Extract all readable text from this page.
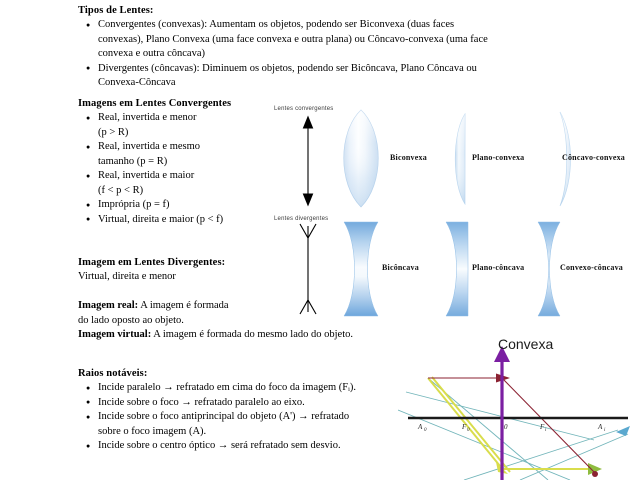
Tipos de Lentes:
● Convergentes (convexas): Aumentam os objetos, podendo ser Biconvexa (duas faces
convexas), Plano Convexa (uma face convexa e outra plana) ou Côncavo-convexa (uma face
convexa e outra côncava)
● Divergentes (côncavas): Diminuem os objetos, podendo ser Bicôncava, Plano Côncava ou
Convexa-Côncava
Imagens em Lentes Convergentes
● Real, invertida e menor
(p > R)
● Real, invertida e mesmo
tamanho (p = R)
● Real, invertida e maior
(f < p < R)
● Imprópria (p = f)
● Virtual, direita e maior (p < f)
Imagem em Lentes Divergentes:
Virtual, direita e menor
Imagem real: A imagem é formada
do lado oposto ao objeto.
Imagem virtual: A imagem é formada do mesmo lado do objeto.
Raios notáveis:
● Incide paralelo → refratado em cima do foco da imagem (Fᵢ).
● Incide sobre o foco → refratado paralelo ao eixo.
● Incide sobre o foco antiprincipal do objeto (A') → refratado
sobre o foco imagem (A).
● Incide sobre o centro óptico → será refratado sem desvio.
Lentes convergentes
Biconvexa	Plano-convexa	Côncavo-convexa
Lentes divergentes
Bicôncava	Plano-côncava	Convexo-côncava
Convexa
A 0	F 0	0	F i	A i
